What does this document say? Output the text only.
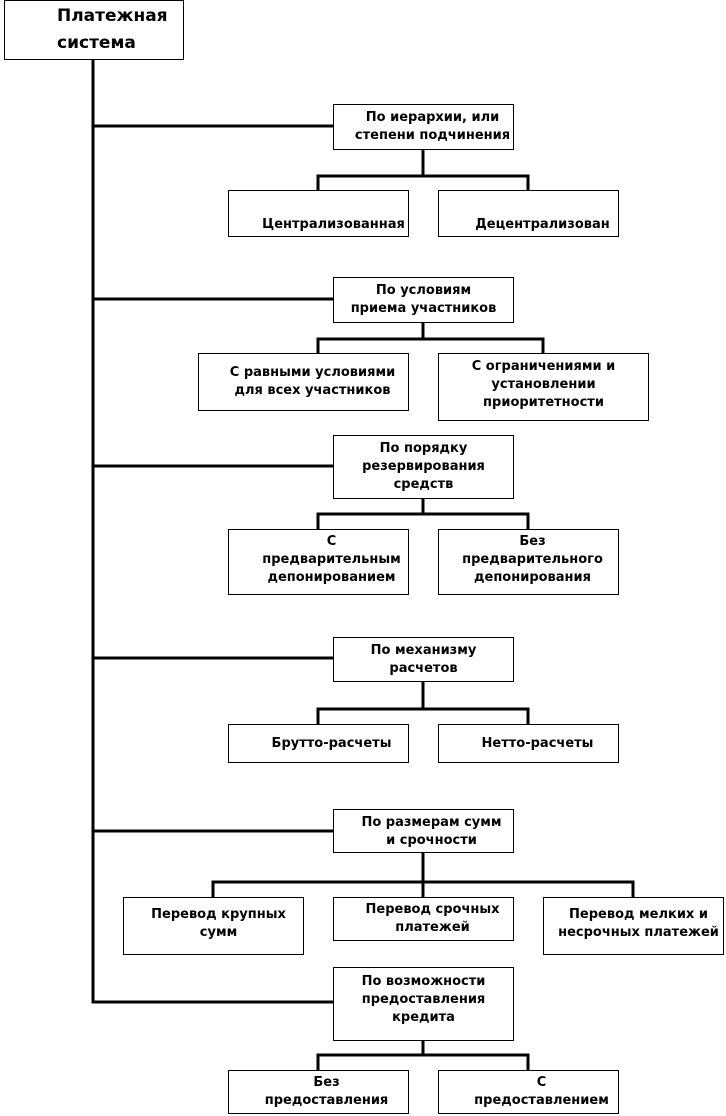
Платежная
система
По иерархии, или
степени подчинения
Централизованная	Децентрализован
По условиям
приема участников
С равными условиями
для всех участников
С ограничениями и
установлении
приоритетности
По порядку
резервирования
средств
С
предварительным
депонированием
Без
предварительного
депонирования
По механизму
расчетов
Брутто-расчеты	Нетто-расчеты
По размерам сумм
и срочности
Перевод крупных
сумм
Перевод срочных
платежей
Перевод мелких и
несрочных платежей
По возможности
предоставления
кредита
Без
предоставления
С
предоставлением
